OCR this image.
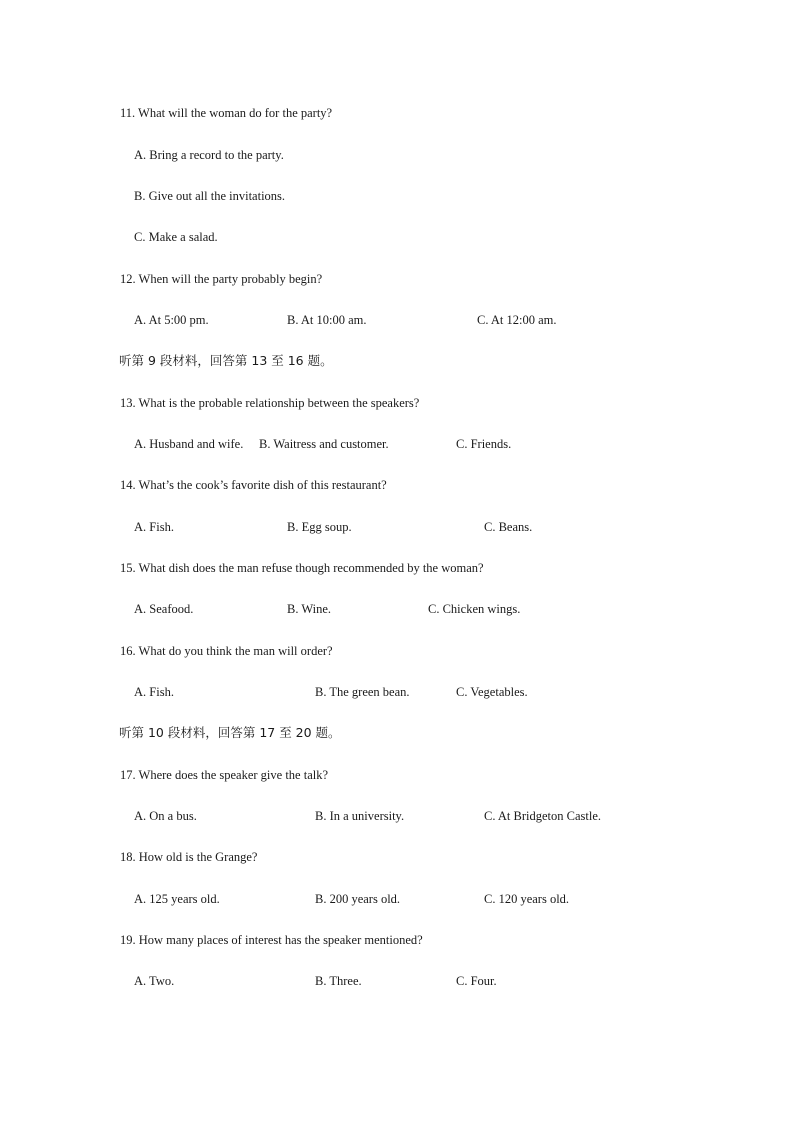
11. What will the woman do for the party?
A. Bring a record to the party.
B. Give out all the invitations.
C. Make a salad.
12. When will the party probably begin?
A. At 5:00 pm.	B. At 10:00 am.	C. At 12:00 am.
听第 9 段材料，回答第 13 至 16 题。
13. What is the probable relationship between the speakers?
A. Husband and wife. B. Waitress and customer.	C. Friends.
14. What’s the cook’s favorite dish of this restaurant?
A. Fish.	B. Egg soup.	C. Beans.
15. What dish does the man refuse though recommended by the woman?
A. Seafood.	B. Wine.	C. Chicken wings.
16. What do you think the man will order?
A. Fish.	B. The green bean.	C. Vegetables.
听第 10 段材料，回答第 17 至 20 题。
17. Where does the speaker give the talk?
A. On a bus.	B. In a university.	C. At Bridgeton Castle.
18. How old is the Grange?
A. 125 years old.	B. 200 years old.	C. 120 years old.
19. How many places of interest has the speaker mentioned?
A. Two.	B. Three.	C. Four.
